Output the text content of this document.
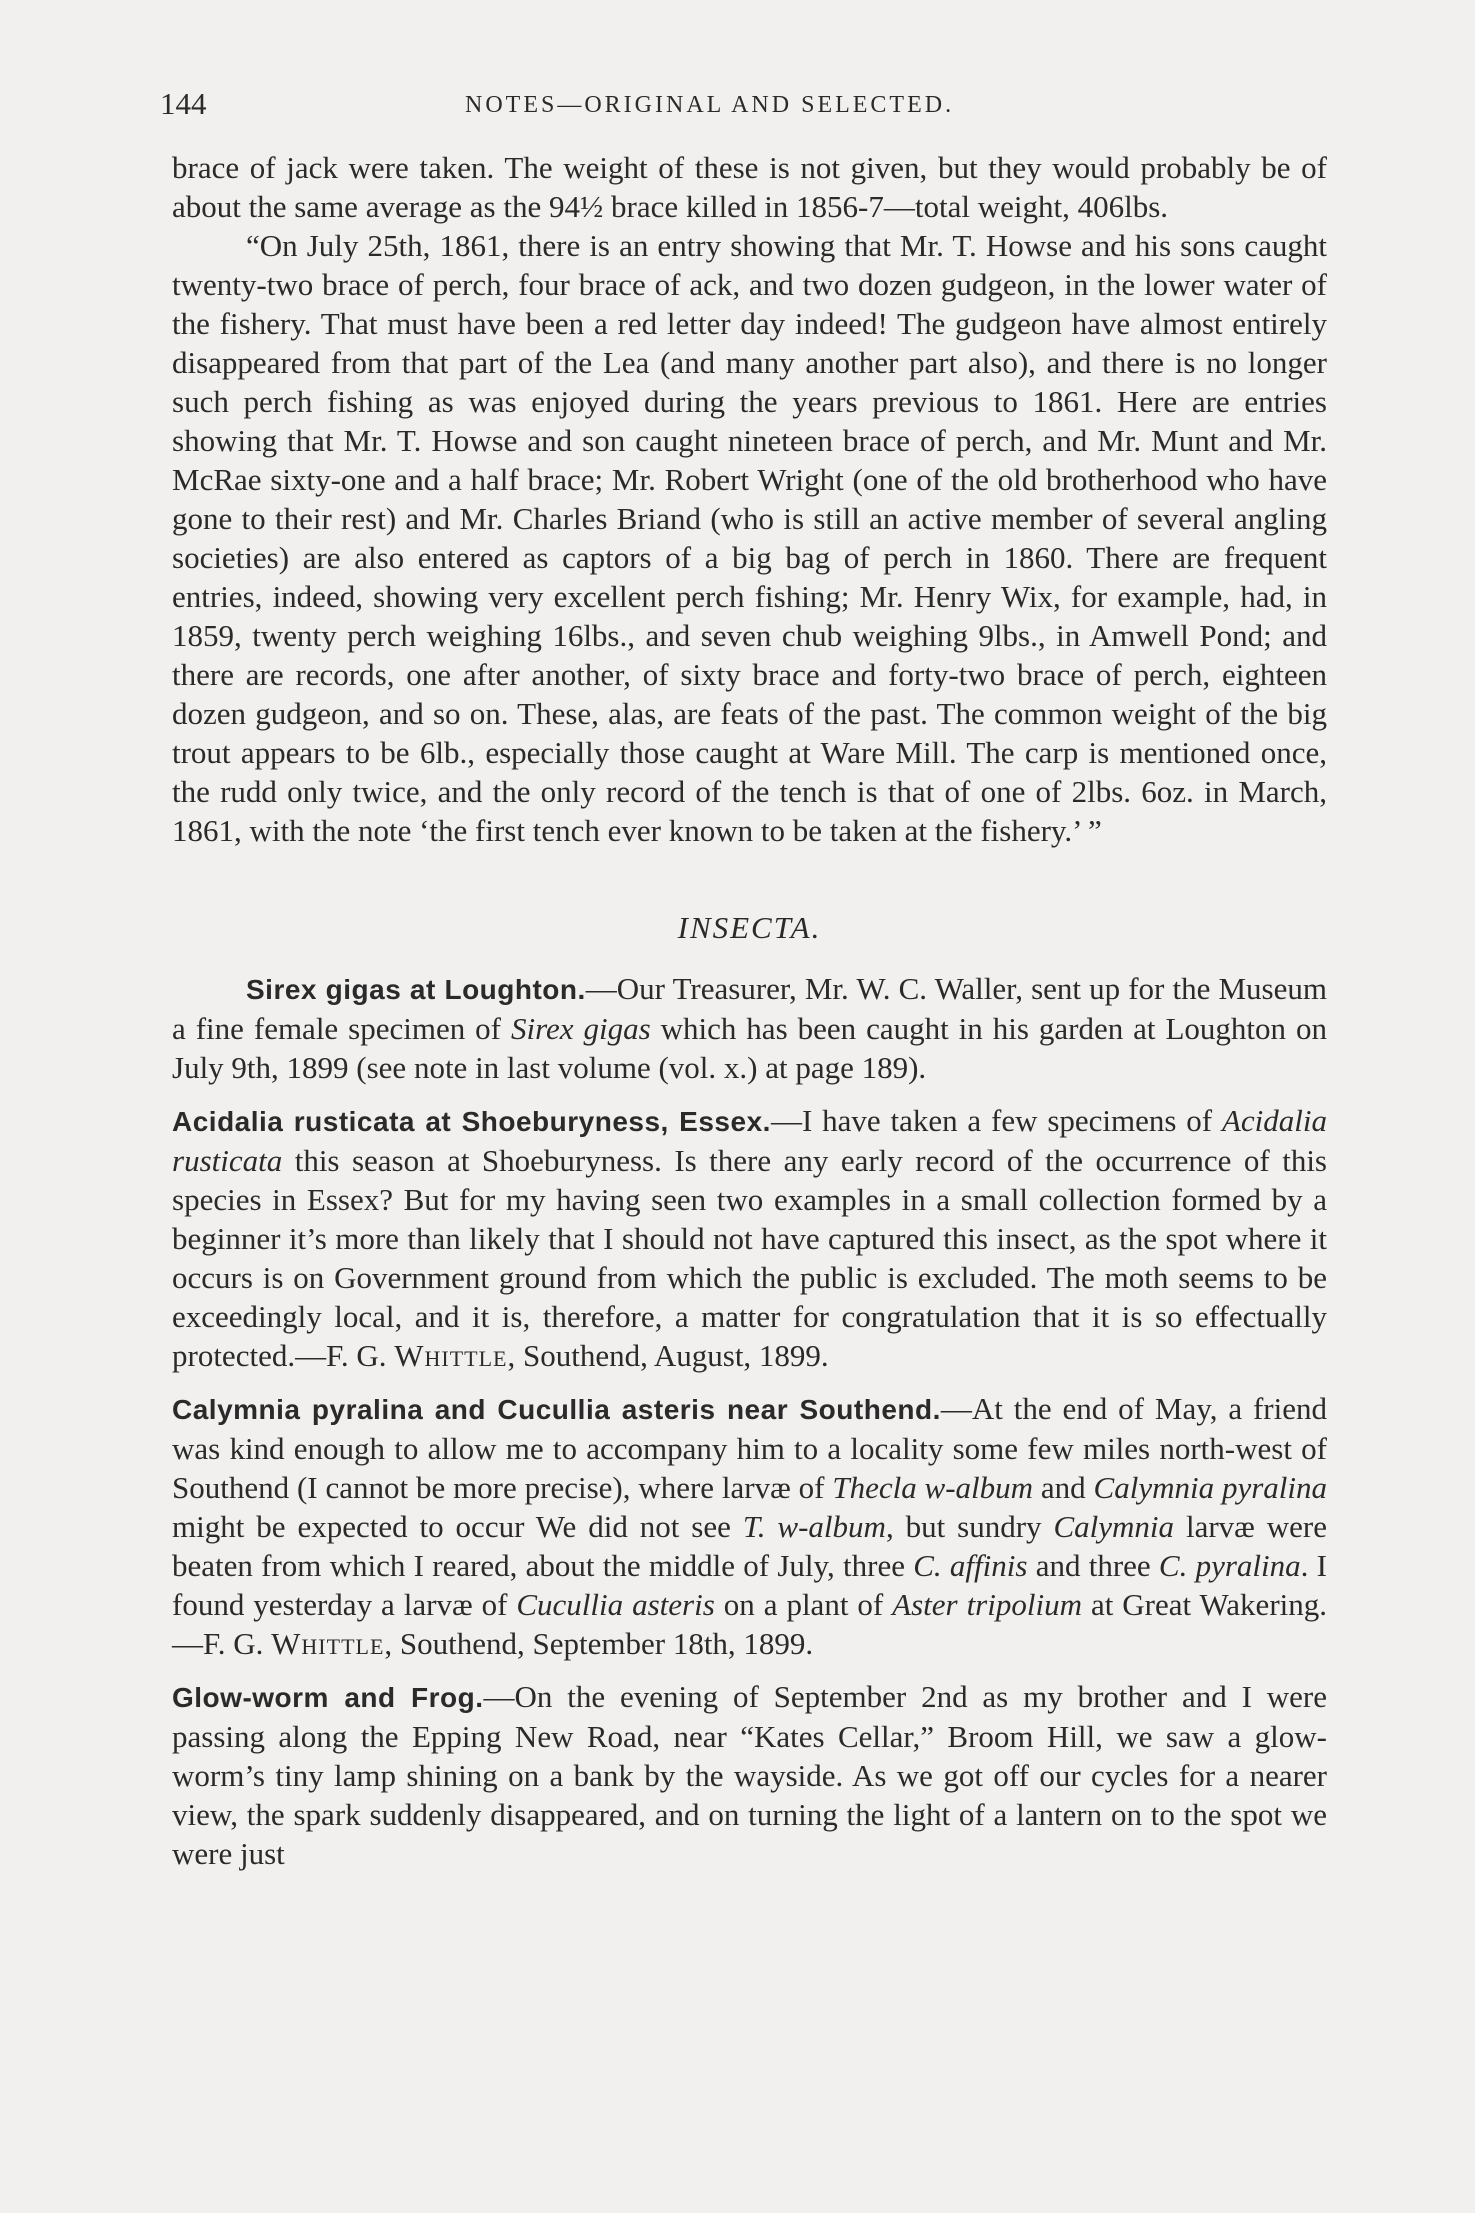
144	NOTES—ORIGINAL AND SELECTED.

brace of jack were taken. The weight of these is not given, but they would probably be of about the same average as the 94½ brace killed in 1856-7—total weight, 406lbs.

“On July 25th, 1861, there is an entry showing that Mr. T. Howse and his sons caught twenty-two brace of perch, four brace of ack, and two dozen gudgeon, in the lower water of the fishery. That must have been a red letter day indeed! The gudgeon have almost entirely disappeared from that part of the Lea (and many another part also), and there is no longer such perch fishing as was enjoyed during the years previous to 1861. Here are entries showing that Mr. T. Howse and son caught nineteen brace of perch, and Mr. Munt and Mr. McRae sixty-one and a half brace; Mr. Robert Wright (one of the old brotherhood who have gone to their rest) and Mr. Charles Briand (who is still an active member of several angling societies) are also entered as captors of a big bag of perch in 1860. There are frequent entries, indeed, showing very excellent perch fishing; Mr. Henry Wix, for example, had, in 1859, twenty perch weighing 16lbs., and seven chub weighing 9lbs., in Amwell Pond; and there are records, one after another, of sixty brace and forty-two brace of perch, eighteen dozen gudgeon, and so on. These, alas, are feats of the past. The common weight of the big trout appears to be 6lb., especially those caught at Ware Mill. The carp is mentioned once, the rudd only twice, and the only record of the tench is that of one of 2lbs. 6oz. in March, 1861, with the note ‘the first tench ever known to be taken at the fishery.’ ”

INSECTA.

Sirex gigas at Loughton.—Our Treasurer, Mr. W. C. Waller, sent up for the Museum a fine female specimen of Sirex gigas which has been caught in his garden at Loughton on July 9th, 1899 (see note in last volume (vol. x.) at page 189).

Acidalia rusticata at Shoeburyness, Essex.—I have taken a few specimens of Acidalia rusticata this season at Shoeburyness. Is there any early record of the occurrence of this species in Essex? But for my having seen two examples in a small collection formed by a beginner it’s more than likely that I should not have captured this insect, as the spot where it occurs is on Government ground from which the public is excluded. The moth seems to be exceedingly local, and it is, therefore, a matter for congratulation that it is so effectually protected.—F. G. Whittle, Southend, August, 1899.

Calymnia pyralina and Cucullia asteris near Southend.—At the end of May, a friend was kind enough to allow me to accompany him to a locality some few miles north-west of Southend (I cannot be more precise), where larvæ of Thecla w-album and Calymnia pyralina might be expected to occur We did not see T. w-album, but sundry Calymnia larvæ were beaten from which I reared, about the middle of July, three C. affinis and three C. pyralina. I found yesterday a larvæ of Cucullia asteris on a plant of Aster tripolium at Great Wakering.—F. G. Whittle, Southend, September 18th, 1899.

Glow-worm and Frog.—On the evening of September 2nd as my brother and I were passing along the Epping New Road, near “Kates Cellar,” Broom Hill, we saw a glow-worm’s tiny lamp shining on a bank by the wayside. As we got off our cycles for a nearer view, the spark suddenly disappeared, and on turning the light of a lantern on to the spot we were just
